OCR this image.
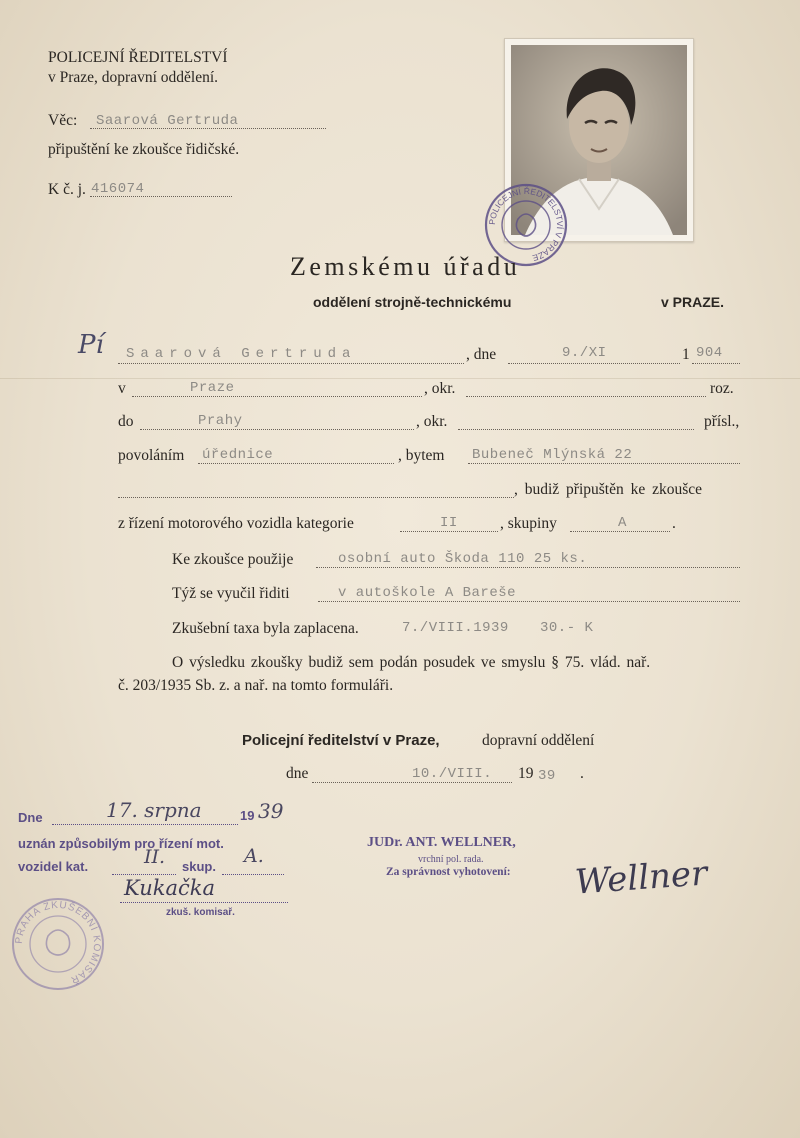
POLICEJNÍ ŘEDITELSTVÍ
v Praze, dopravní oddělení.
Věc: Saarová Gertruda
připuštění ke zkoušce řidičské.
K č. j. 416074
POLICEJNÍ ŘEDITELSTVÍ V PRAZE
Zemskému úřadu
oddělení strojně-technickému	v PRAZE.
Pí Saarová Gertruda	, dne	9./XI	1 904
v	Praze	, okr.	roz.
do	Prahy	, okr.	přísl.,
povoláním úřednice	, bytem Bubeneč Mlýnská 22
, budiž připuštěn ke zkoušce
z řízení motorového vozidla kategorie	II	, skupiny	A	.
Ke zkoušce použije	osobní auto Škoda 110 25 ks.
Týž se vyučil řiditi	v autoškole A Bareše
Zkušební taxa byla zaplacena.	7./VIII.1939 30.- K
O výsledku zkoušky budiž sem podán posudek ve smyslu § 75. vlád. nař.
č. 203/1935 Sb. z. a nař. na tomto formuláři.
Policejní ředitelství v Praze,	dopravní oddělení
dne	10./VIII. 19 39 .
Dne	17. srpna	19 39
uznán způsobilým pro řízení mot.
vozidel kat.	II. skup. A.
Kukačka
zkuš. komisař.
PRAHA ZKUŠEBNÍ KOMISAŘ
JUDr. ANT. WELLNER,
vrchní pol. rada.
Za správnost vyhotovení: Wellner
